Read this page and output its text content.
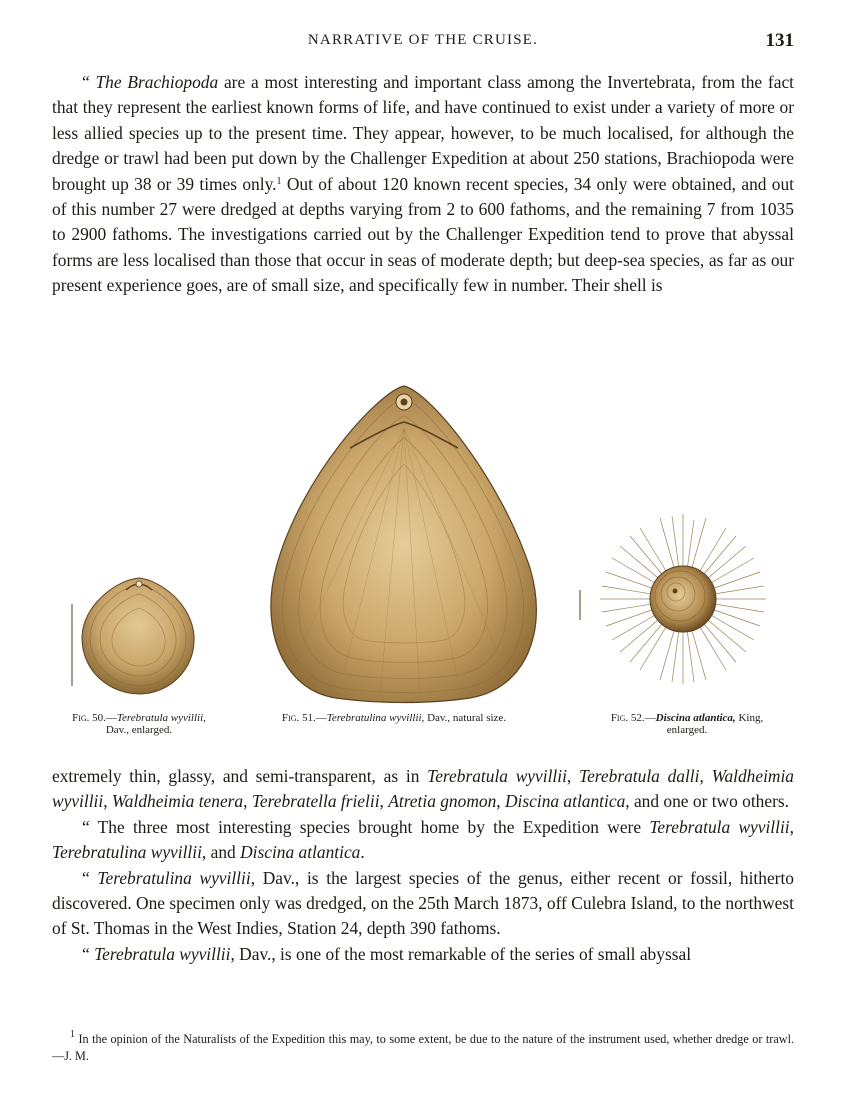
NARRATIVE OF THE CRUISE.	131

“ The Brachiopoda are a most interesting and important class among the Invertebrata, from the fact that they represent the earliest known forms of life, and have continued to exist under a variety of more or less allied species up to the present time. They appear, however, to be much localised, for although the dredge or trawl had been put down by the Challenger Expedition at about 250 stations, Brachiopoda were brought up 38 or 39 times only.$^1$ Out of about 120 known recent species, 34 only were obtained, and out of this number 27 were dredged at depths varying from 2 to 600 fathoms, and the remaining 7 from 1035 to 2900 fathoms. The investigations carried out by the Challenger Expedition tend to prove that abyssal forms are less localised than those that occur in seas of moderate depth; but deep-sea species, as far as our present experience goes, are of small size, and specifically few in number. Their shell is

Fig. 50.—Terebratula wyvillii,
Dav., enlarged.
Fig. 51.—Terebratulina wyvillii, Dav., natural size.	Fig. 52.—Discina atlantica, King,
enlarged.

extremely thin, glassy, and semi-transparent, as in Terebratula wyvillii, Terebratula dalli, Waldheimia wyvillii, Waldheimia tenera, Terebratella frielii, Atretia gnomon, Discina atlantica, and one or two others.

“ The three most interesting species brought home by the Expedition were Terebratula wyvillii, Terebratulina wyvillii, and Discina atlantica.

“ Terebratulina wyvillii, Dav., is the largest species of the genus, either recent or fossil, hitherto discovered. One specimen only was dredged, on the 25th March 1873, off Culebra Island, to the northwest of St. Thomas in the West Indies, Station 24, depth 390 fathoms.

“ Terebratula wyvillii, Dav., is one of the most remarkable of the series of small abyssal

$^1$ In the opinion of the Naturalists of the Expedition this may, to some extent, be due to the nature of the instrument used, whether dredge or trawl.—J. M.
